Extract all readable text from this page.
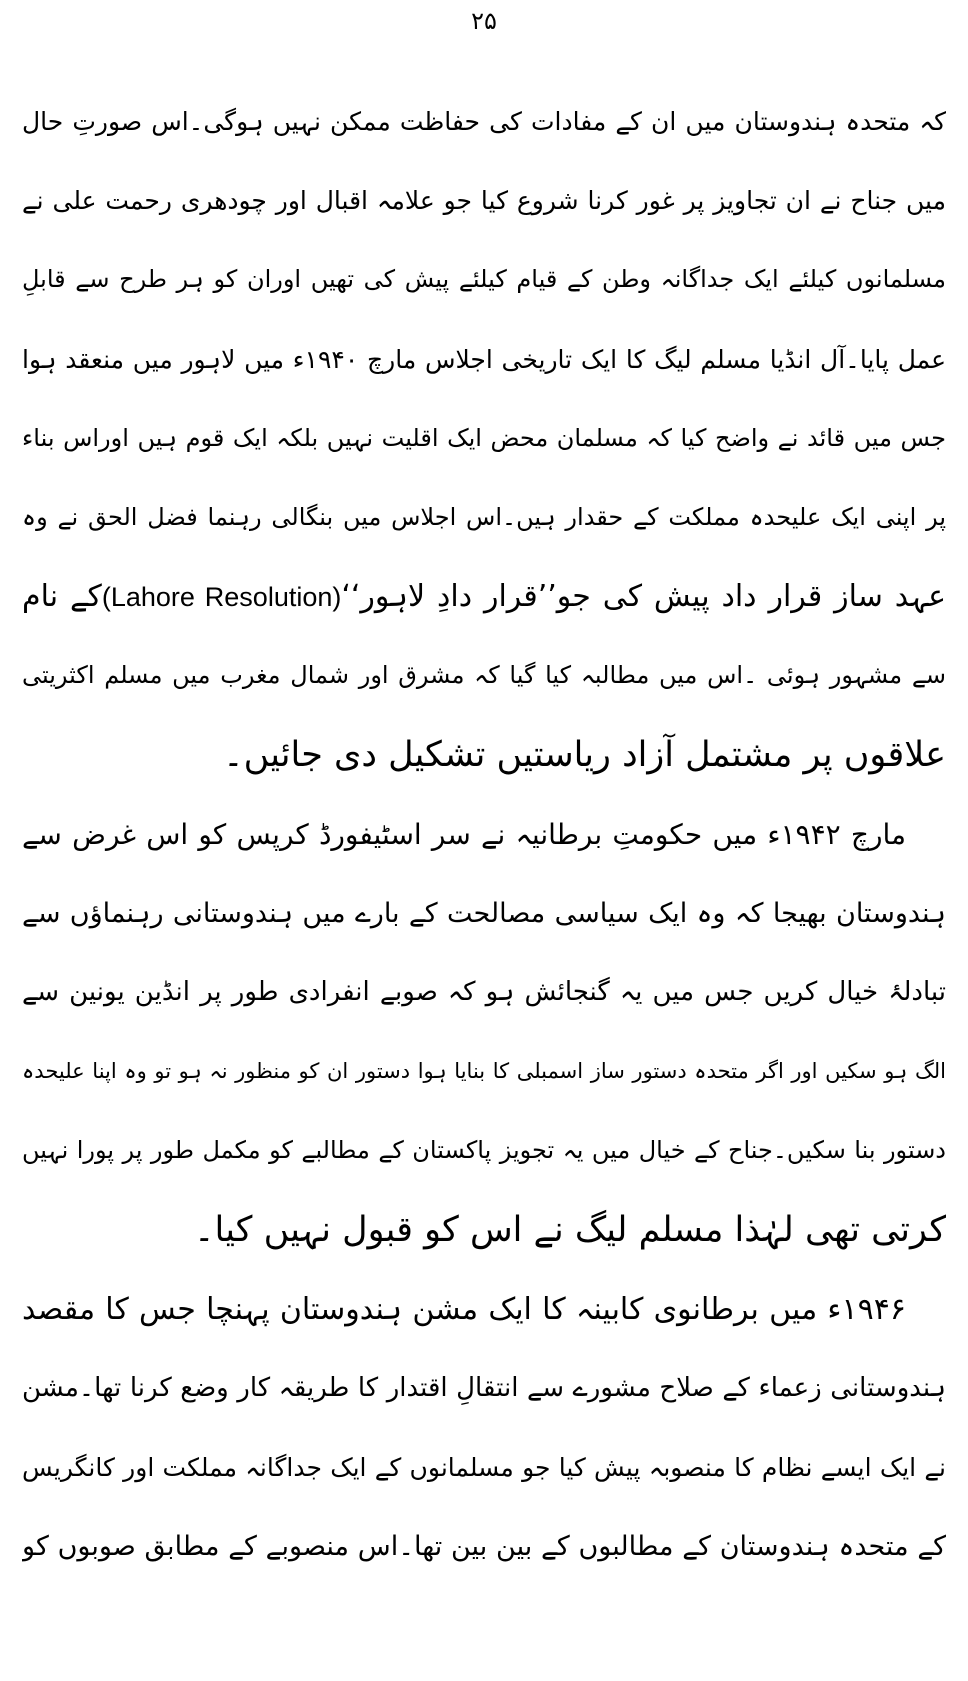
۲۵
کہ متحدہ ہندوستان میں ان کے مفادات کی حفاظت ممکن نہیں ہوگی۔اس صورتِ حال
میں جناح نے ان تجاویز پر غور کرنا شروع کیا جو علامہ اقبال اور چودھری رحمت علی نے
مسلمانوں کیلئے ایک جداگانہ وطن کے قیام کیلئے پیش کی تھیں اوران کو ہر طرح سے قابلِ
عمل پایا۔آل انڈیا مسلم لیگ کا ایک تاریخی اجلاس مارچ ۱۹۴۰ء میں لاہور میں منعقد ہوا
جس میں قائد نے واضح کیا کہ مسلمان محض ایک اقلیت نہیں بلکہ ایک قوم ہیں اوراس بناء
پر اپنی ایک علیحدہ مملکت کے حقدار ہیں۔اس اجلاس میں بنگالی رہنما فضل الحق نے وہ
عہد ساز قرار داد پیش کی جو’’قرار دادِ لاہور‘‘(Lahore Resolution)کے نام
سے مشہور ہوئی ۔اس میں مطالبہ کیا گیا کہ مشرق اور شمال مغرب میں مسلم اکثریتی
علاقوں پر مشتمل آزاد ریاستیں تشکیل دی جائیں۔
مارچ ۱۹۴۲ء میں حکومتِ برطانیہ نے سر اسٹیفورڈ کرپس کو اس غرض سے
ہندوستان بھیجا کہ وہ ایک سیاسی مصالحت کے بارے میں ہندوستانی رہنماؤں سے
تبادلۂ خیال کریں جس میں یہ گنجائش ہو کہ صوبے انفرادی طور پر انڈین یونین سے
الگ ہو سکیں اور اگر متحدہ دستور ساز اسمبلی کا بنایا ہوا دستور ان کو منظور نہ ہو تو وہ اپنا علیحدہ
دستور بنا سکیں۔جناح کے خیال میں یہ تجویز پاکستان کے مطالبے کو مکمل طور پر پورا نہیں
کرتی تھی لہٰذا مسلم لیگ نے اس کو قبول نہیں کیا۔
۱۹۴۶ء میں برطانوی کابینہ کا ایک مشن ہندوستان پہنچا جس کا مقصد
ہندوستانی زعماء کے صلاح مشورے سے انتقالِ اقتدار کا طریقہ کار وضع کرنا تھا۔مشن
نے ایک ایسے نظام کا منصوبہ پیش کیا جو مسلمانوں کے ایک جداگانہ مملکت اور کانگریس
کے متحدہ ہندوستان کے مطالبوں کے بین بین تھا۔اس منصوبے کے مطابق صوبوں کو
